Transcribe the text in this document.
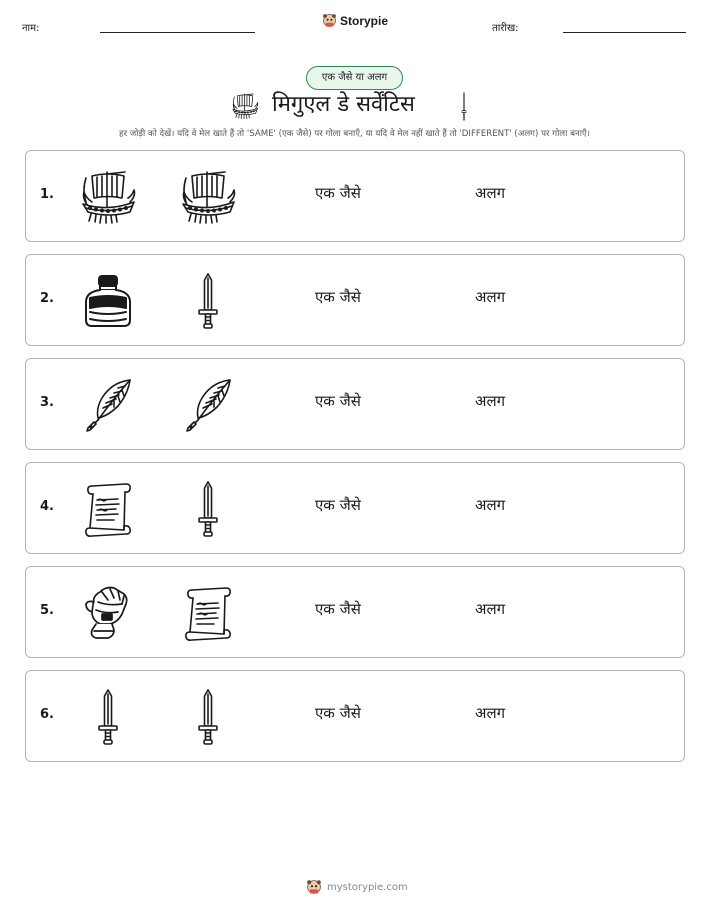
नाम:
Storypie
तारीख:
एक जैसे या अलग
मिगुएल डे सर्वेंटिस

हर जोड़ी को देखें। यदि वे मेल खाते हैं तो 'SAME' (एक जैसे) पर गोला बनाएँ, या यदि वे मेल नहीं खाते हैं तो 'DIFFERENT' (अलग) पर गोला बनाएँ।

1.	एक जैसे	अलग
2.	एक जैसे	अलग
3.	एक जैसे	अलग
4.	एक जैसे	अलग
5.	एक जैसे	अलग
6.	एक जैसे	अलग
mystorypie.com
